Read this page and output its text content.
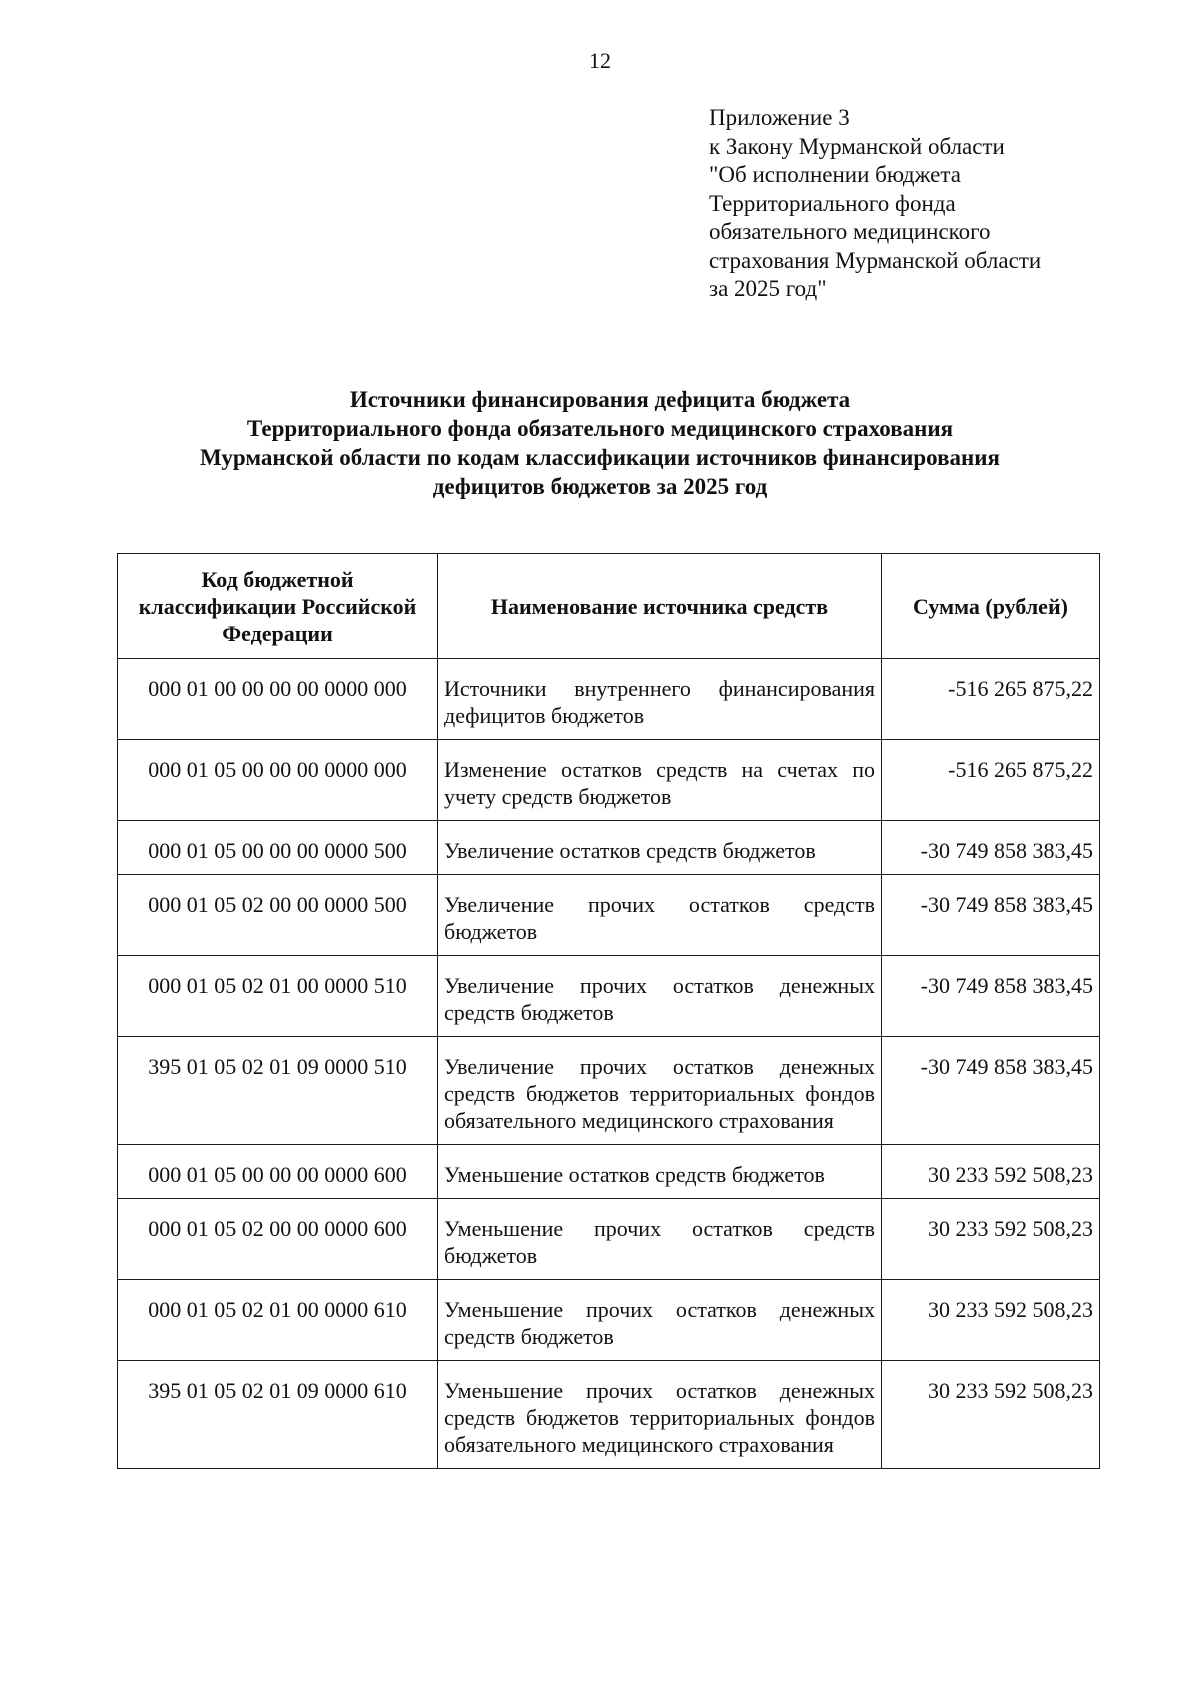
12
Приложение 3
к Закону Мурманской области
"Об исполнении бюджета
Территориального фонда
обязательного медицинского
страхования Мурманской области
за 2025 год"
Источники финансирования дефицита бюджета
Территориального фонда обязательного медицинского страхования
Мурманской области по кодам классификации источников финансирования
дефицитов бюджетов за 2025 год
Код бюджетной классификации Российской Федерации	Наименование источника средств	Сумма (рублей)
000 01 00 00 00 00 0000 000	Источники внутреннего финансирования дефицитов бюджетов	-516 265 875,22
000 01 05 00 00 00 0000 000	Изменение остатков средств на счетах по учету средств бюджетов	-516 265 875,22
000 01 05 00 00 00 0000 500	Увеличение остатков средств бюджетов	-30 749 858 383,45
000 01 05 02 00 00 0000 500	Увеличение прочих остатков средств бюджетов	-30 749 858 383,45
000 01 05 02 01 00 0000 510	Увеличение прочих остатков денежных средств бюджетов	-30 749 858 383,45
395 01 05 02 01 09 0000 510	Увеличение прочих остатков денежных средств бюджетов территориальных фондов обязательного медицинского страхования	-30 749 858 383,45
000 01 05 00 00 00 0000 600	Уменьшение остатков средств бюджетов	30 233 592 508,23
000 01 05 02 00 00 0000 600	Уменьшение прочих остатков средств бюджетов	30 233 592 508,23
000 01 05 02 01 00 0000 610	Уменьшение прочих остатков денежных средств бюджетов	30 233 592 508,23
395 01 05 02 01 09 0000 610	Уменьшение прочих остатков денежных средств бюджетов территориальных фондов обязательного медицинского страхования	30 233 592 508,23
